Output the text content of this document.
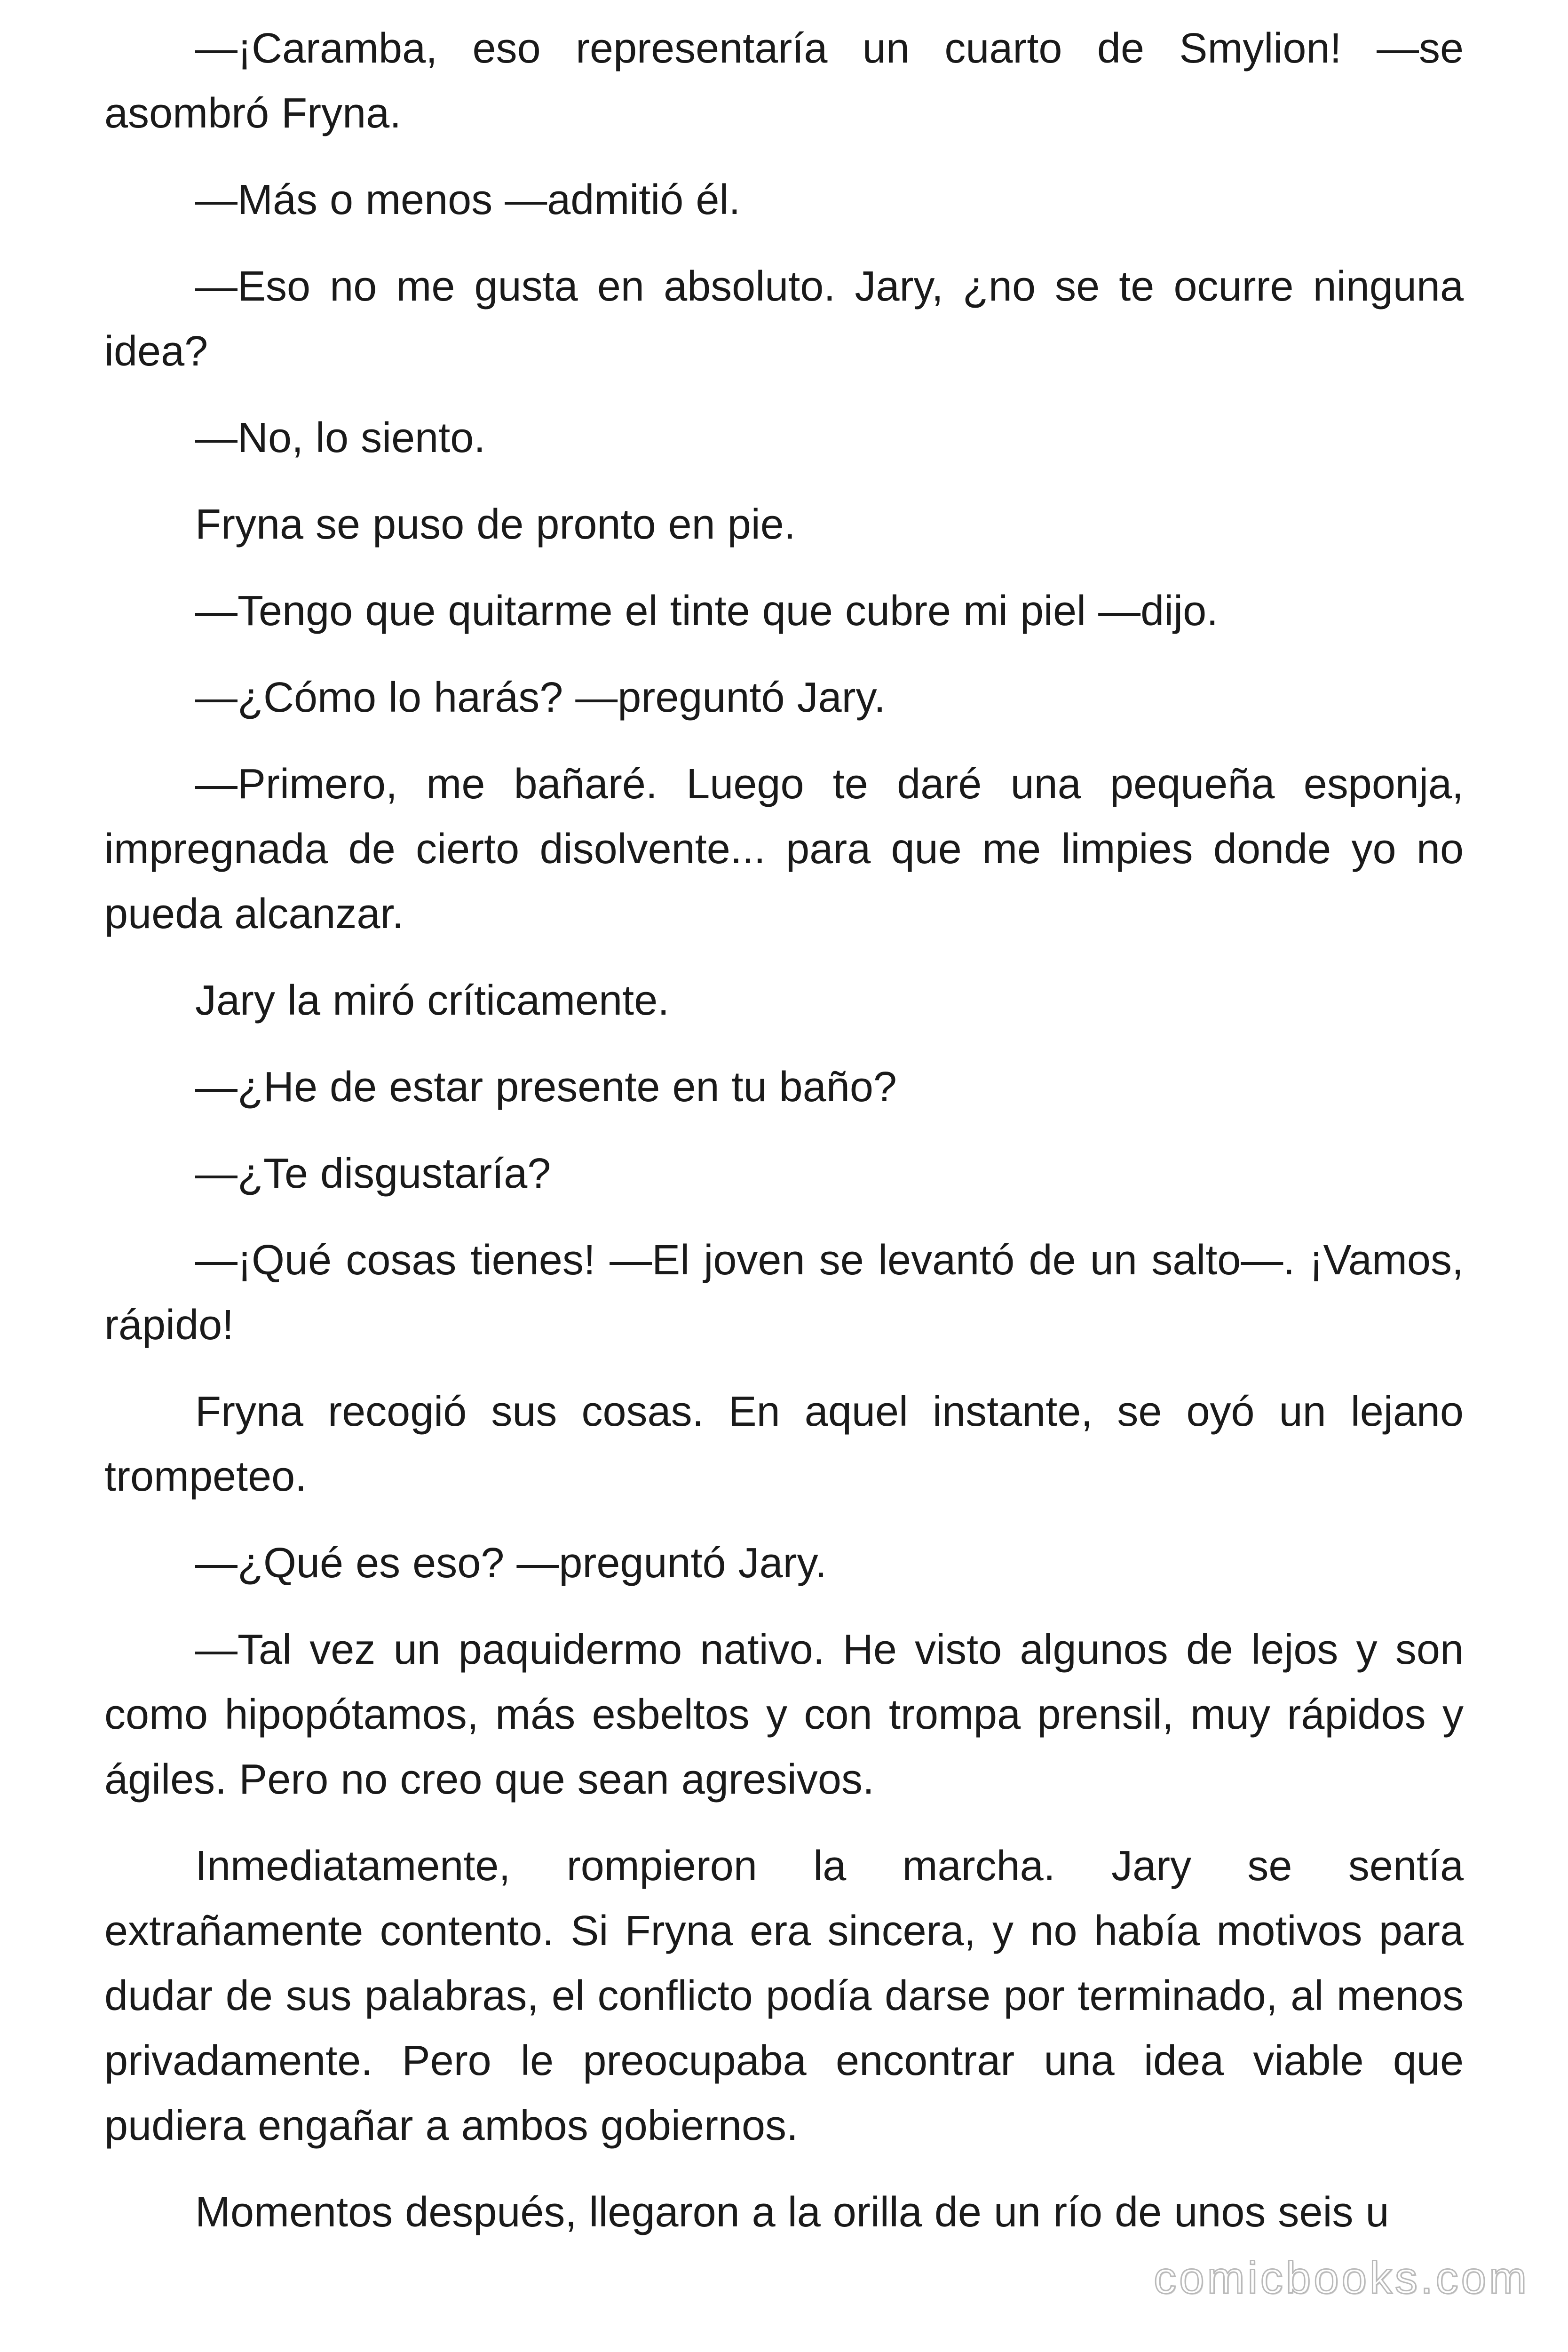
—¡Caramba, eso representaría un cuarto de Smylion! —se asombró Fryna.

—Más o menos —admitió él.

—Eso no me gusta en absoluto. Jary, ¿no se te ocurre ninguna idea?

—No, lo siento.

Fryna se puso de pronto en pie.

—Tengo que quitarme el tinte que cubre mi piel —dijo.

—¿Cómo lo harás? —preguntó Jary.

—Primero, me bañaré. Luego te daré una pequeña esponja, impregnada de cierto disolvente... para que me limpies donde yo no pueda alcanzar.

Jary la miró críticamente.

—¿He de estar presente en tu baño?

—¿Te disgustaría?

—¡Qué cosas tienes! —El joven se levantó de un salto—. ¡Vamos, rápido!

Fryna recogió sus cosas. En aquel instante, se oyó un lejano trompeteo.

—¿Qué es eso? —preguntó Jary.

—Tal vez un paquidermo nativo. He visto algunos de lejos y son como hipopótamos, más esbeltos y con trompa prensil, muy rápidos y ágiles. Pero no creo que sean agresivos.

Inmediatamente, rompieron la marcha. Jary se sentía extrañamente contento. Si Fryna era sincera, y no había motivos para dudar de sus palabras, el conflicto podía darse por terminado, al menos privadamente. Pero le preocupaba encontrar una idea viable que pudiera engañar a ambos gobiernos.

Momentos después, llegaron a la orilla de un río de unos seis u

comicbooks.com
